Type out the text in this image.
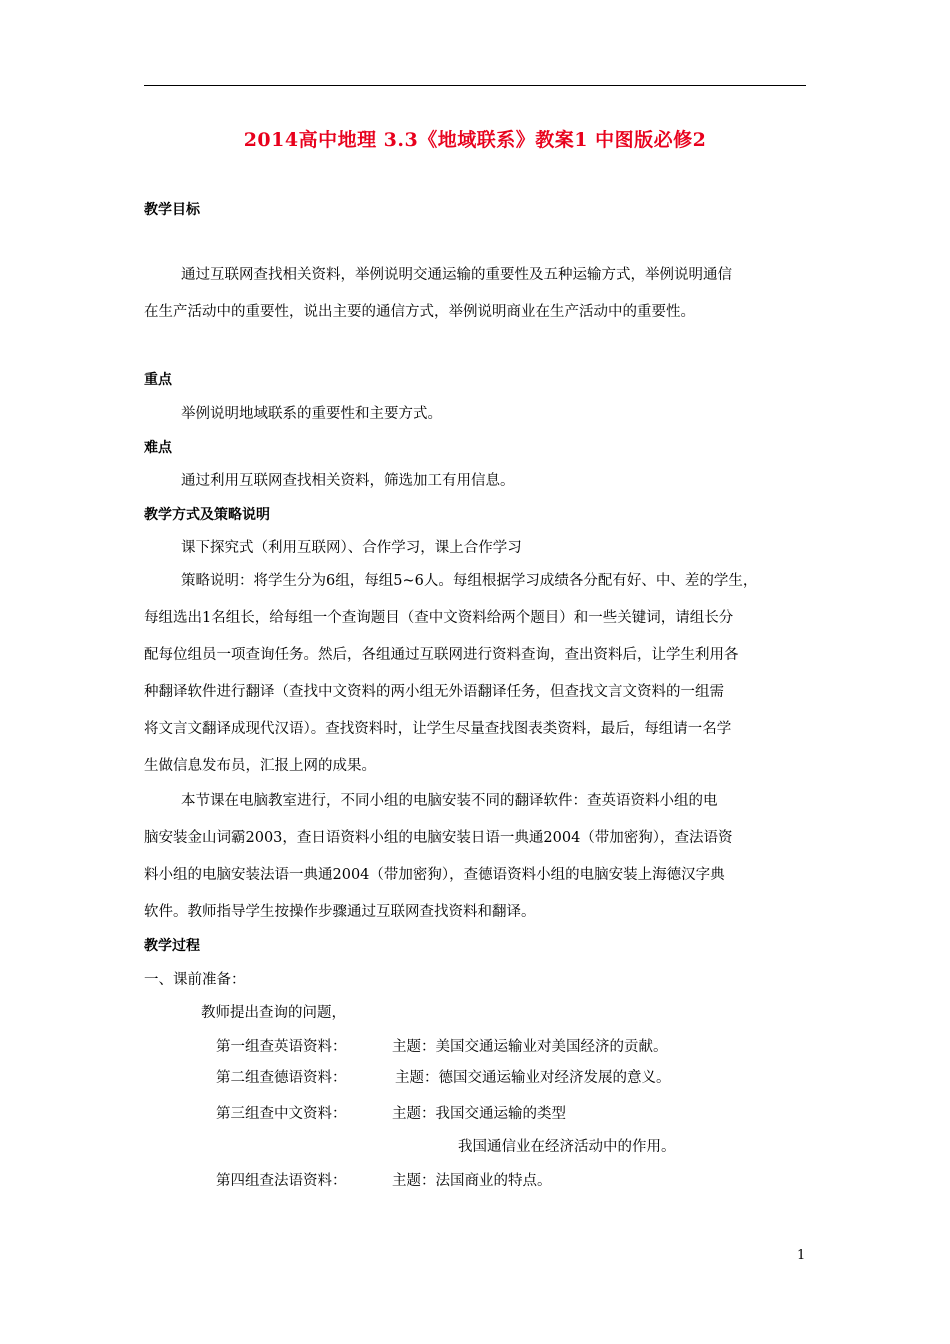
2014高中地理 3.3《地域联系》教案1 中图版必修2
教学目标
通过互联网查找相关资料，举例说明交通运输的重要性及五种运输方式，举例说明通信
在生产活动中的重要性，说出主要的通信方式，举例说明商业在生产活动中的重要性。
重点
举例说明地域联系的重要性和主要方式。
难点
通过利用互联网查找相关资料，筛选加工有用信息。
教学方式及策略说明
课下探究式（利用互联网）、合作学习，课上合作学习
策略说明：将学生分为6组，每组5~6人。每组根据学习成绩各分配有好、中、差的学生，
每组选出1名组长，给每组一个查询题目（查中文资料给两个题目）和一些关键词，请组长分
配每位组员一项查询任务。然后，各组通过互联网进行资料查询，查出资料后，让学生利用各
种翻译软件进行翻译（查找中文资料的两小组无外语翻译任务，但查找文言文资料的一组需
将文言文翻译成现代汉语）。查找资料时，让学生尽量查找图表类资料，最后，每组请一名学
生做信息发布员，汇报上网的成果。
本节课在电脑教室进行，不同小组的电脑安装不同的翻译软件：查英语资料小组的电
脑安装金山词霸2003，查日语资料小组的电脑安装日语一典通2004（带加密狗），查法语资
料小组的电脑安装法语一典通2004（带加密狗），查德语资料小组的电脑安装上海德汉字典
软件。教师指导学生按操作步骤通过互联网查找资料和翻译。
教学过程
一、课前准备：
教师提出查询的问题，
第一组查英语资料：	主题：美国交通运输业对美国经济的贡献。
第二组查德语资料：	主题：德国交通运输业对经济发展的意义。
第三组查中文资料：	主题：我国交通运输的类型
我国通信业在经济活动中的作用。
第四组查法语资料：	主题：法国商业的特点。
1
